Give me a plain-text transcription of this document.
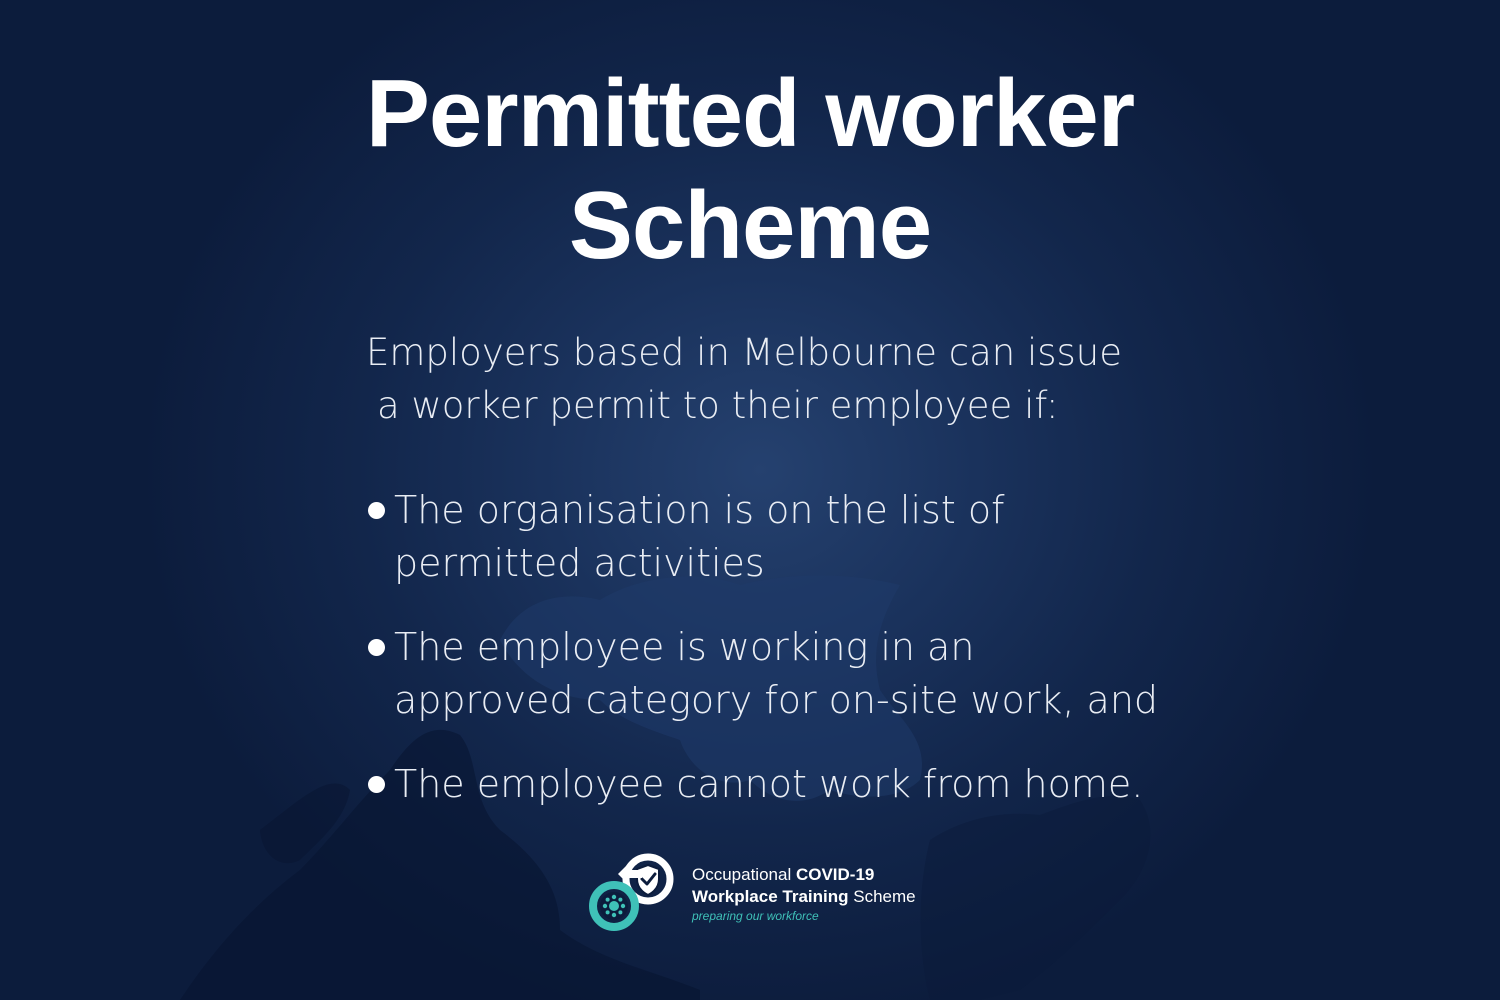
Permitted worker
Scheme
Employers based in Melbourne can issue
a worker permit to their employee if:
The organisation is on the list of
permitted activities
The employee is working in an
approved category for on-site work, and
The employee cannot work from home.
Occupational COVID-19
Workplace Training Scheme
preparing our workforce
